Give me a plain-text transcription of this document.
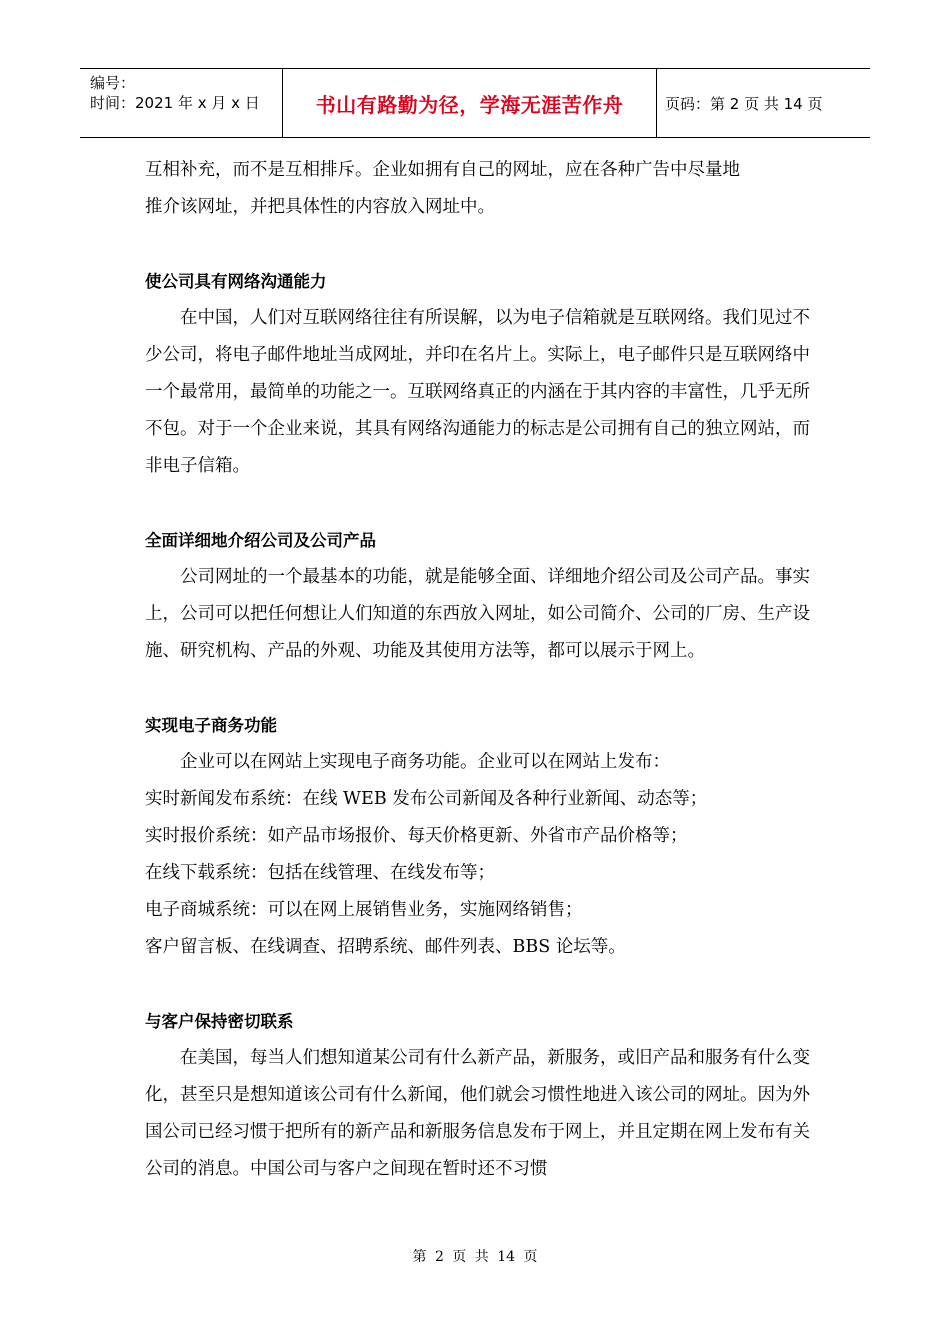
编号：
时间：2021 年 x 月 x 日	书山有路勤为径，学海无涯苦作舟	页码：第 2 页 共 14 页

互相补充，而不是互相排斥。企业如拥有自己的网址，应在各种广告中尽量地

推介该网址，并把具体性的内容放入网址中。

使公司具有网络沟通能力

在中国，人们对互联网络往往有所误解，以为电子信箱就是互联网络。我们见过不少公司，将电子邮件地址当成网址，并印在名片上。实际上，电子邮件只是互联网络中一个最常用，最简单的功能之一。互联网络真正的内涵在于其内容的丰富性，几乎无所不包。对于一个企业来说，其具有网络沟通能力的标志是公司拥有自己的独立网站，而非电子信箱。

全面详细地介绍公司及公司产品

公司网址的一个最基本的功能，就是能够全面、详细地介绍公司及公司产品。事实上，公司可以把任何想让人们知道的东西放入网址，如公司简介、公司的厂房、生产设施、研究机构、产品的外观、功能及其使用方法等，都可以展示于网上。

实现电子商务功能

企业可以在网站上实现电子商务功能。企业可以在网站上发布：

实时新闻发布系统：在线 WEB 发布公司新闻及各种行业新闻、动态等；

实时报价系统：如产品市场报价、每天价格更新、外省市产品价格等；

在线下载系统：包括在线管理、在线发布等；

电子商城系统：可以在网上展销售业务，实施网络销售；

客户留言板、在线调查、招聘系统、邮件列表、BBS 论坛等。

与客户保持密切联系

在美国，每当人们想知道某公司有什么新产品，新服务，或旧产品和服务有什么变化，甚至只是想知道该公司有什么新闻，他们就会习惯性地进入该公司的网址。因为外国公司已经习惯于把所有的新产品和新服务信息发布于网上，并且定期在网上发布有关公司的消息。中国公司与客户之间现在暂时还不习惯

第 2 页 共 14 页
